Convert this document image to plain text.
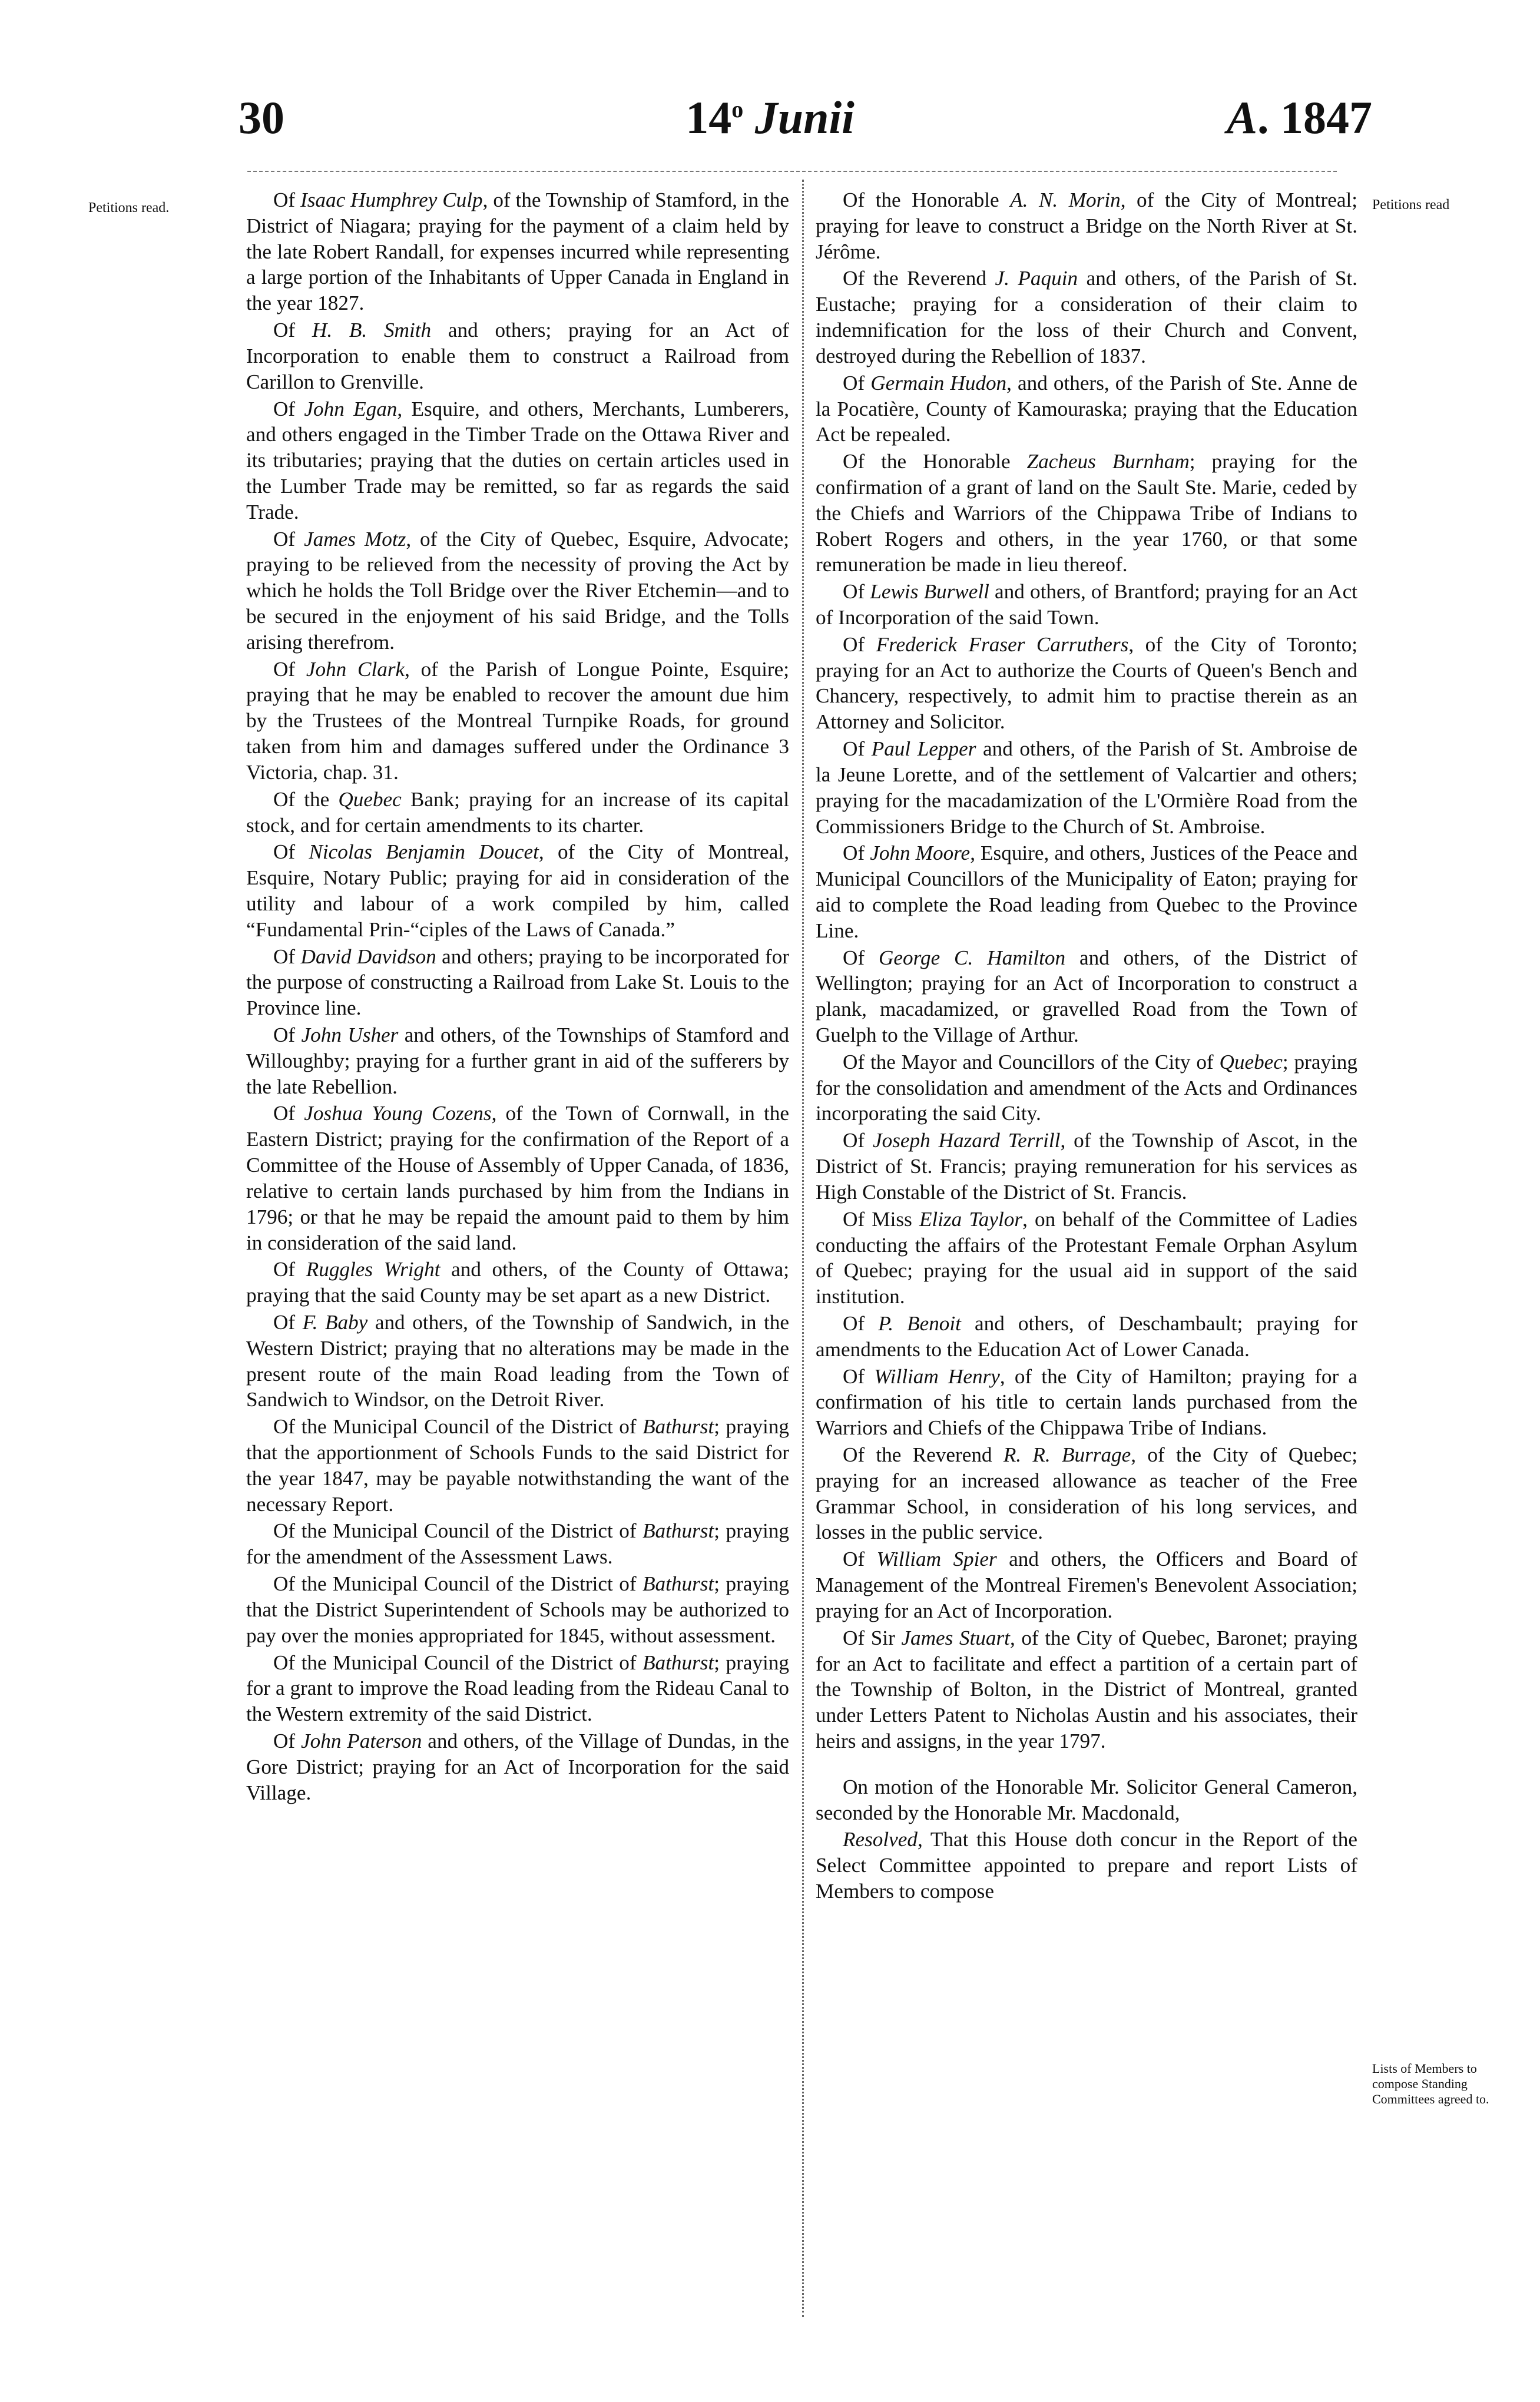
30	14$^o$ Junii	A. 1847
Petitions read.	Petitions read
Lists of Members to compose Standing Committees agreed to.

Of Isaac Humphrey Culp, of the Township of Stamford, in the District of Niagara; praying for the payment of a claim held by the late Robert Randall, for expenses incurred while representing a large portion of the Inhabitants of Upper Canada in England in the year 1827.

Of H. B. Smith and others; praying for an Act of Incorporation to enable them to construct a Railroad from Carillon to Grenville.

Of John Egan, Esquire, and others, Merchants, Lumberers, and others engaged in the Timber Trade on the Ottawa River and its tributaries; praying that the duties on certain articles used in the Lumber Trade may be remitted, so far as regards the said Trade.

Of James Motz, of the City of Quebec, Esquire, Advocate; praying to be relieved from the necessity of proving the Act by which he holds the Toll Bridge over the River Etchemin—and to be secured in the enjoyment of his said Bridge, and the Tolls arising therefrom.

Of John Clark, of the Parish of Longue Pointe, Esquire; praying that he may be enabled to recover the amount due him by the Trustees of the Montreal Turnpike Roads, for ground taken from him and damages suffered under the Ordinance 3 Victoria, chap. 31.

Of the Quebec Bank; praying for an increase of its capital stock, and for certain amendments to its charter.

Of Nicolas Benjamin Doucet, of the City of Montreal, Esquire, Notary Public; praying for aid in consideration of the utility and labour of a work compiled by him, called “Fundamental Prin-“ciples of the Laws of Canada.”

Of David Davidson and others; praying to be incorporated for the purpose of constructing a Railroad from Lake St. Louis to the Province line.

Of John Usher and others, of the Townships of Stamford and Willoughby; praying for a further grant in aid of the sufferers by the late Rebellion.

Of Joshua Young Cozens, of the Town of Cornwall, in the Eastern District; praying for the confirmation of the Report of a Committee of the House of Assembly of Upper Canada, of 1836, relative to certain lands purchased by him from the Indians in 1796; or that he may be repaid the amount paid to them by him in consideration of the said land.

Of Ruggles Wright and others, of the County of Ottawa; praying that the said County may be set apart as a new District.

Of F. Baby and others, of the Township of Sandwich, in the Western District; praying that no alterations may be made in the present route of the main Road leading from the Town of Sandwich to Windsor, on the Detroit River.

Of the Municipal Council of the District of Bathurst; praying that the apportionment of Schools Funds to the said District for the year 1847, may be payable notwithstanding the want of the necessary Report.

Of the Municipal Council of the District of Bathurst; praying for the amendment of the Assessment Laws.

Of the Municipal Council of the District of Bathurst; praying that the District Superintendent of Schools may be authorized to pay over the monies appropriated for 1845, without assessment.

Of the Municipal Council of the District of Bathurst; praying for a grant to improve the Road leading from the Rideau Canal to the Western extremity of the said District.

Of John Paterson and others, of the Village of Dundas, in the Gore District; praying for an Act of Incorporation for the said Village.

Of the Honorable A. N. Morin, of the City of Montreal; praying for leave to construct a Bridge on the North River at St. Jérôme.

Of the Reverend J. Paquin and others, of the Parish of St. Eustache; praying for a consideration of their claim to indemnification for the loss of their Church and Convent, destroyed during the Rebellion of 1837.

Of Germain Hudon, and others, of the Parish of Ste. Anne de la Pocatière, County of Kamouraska; praying that the Education Act be repealed.

Of the Honorable Zacheus Burnham; praying for the confirmation of a grant of land on the Sault Ste. Marie, ceded by the Chiefs and Warriors of the Chippawa Tribe of Indians to Robert Rogers and others, in the year 1760, or that some remuneration be made in lieu thereof.

Of Lewis Burwell and others, of Brantford; praying for an Act of Incorporation of the said Town.

Of Frederick Fraser Carruthers, of the City of Toronto; praying for an Act to authorize the Courts of Queen's Bench and Chancery, respectively, to admit him to practise therein as an Attorney and Solicitor.

Of Paul Lepper and others, of the Parish of St. Ambroise de la Jeune Lorette, and of the settlement of Valcartier and others; praying for the macadamization of the L'Ormière Road from the Commissioners Bridge to the Church of St. Ambroise.

Of John Moore, Esquire, and others, Justices of the Peace and Municipal Councillors of the Municipality of Eaton; praying for aid to complete the Road leading from Quebec to the Province Line.

Of George C. Hamilton and others, of the District of Wellington; praying for an Act of Incorporation to construct a plank, macadamized, or gravelled Road from the Town of Guelph to the Village of Arthur.

Of the Mayor and Councillors of the City of Quebec; praying for the consolidation and amendment of the Acts and Ordinances incorporating the said City.

Of Joseph Hazard Terrill, of the Township of Ascot, in the District of St. Francis; praying remuneration for his services as High Constable of the District of St. Francis.

Of Miss Eliza Taylor, on behalf of the Committee of Ladies conducting the affairs of the Protestant Female Orphan Asylum of Quebec; praying for the usual aid in support of the said institution.

Of P. Benoit and others, of Deschambault; praying for amendments to the Education Act of Lower Canada.

Of William Henry, of the City of Hamilton; praying for a confirmation of his title to certain lands purchased from the Warriors and Chiefs of the Chippawa Tribe of Indians.

Of the Reverend R. R. Burrage, of the City of Quebec; praying for an increased allowance as teacher of the Free Grammar School, in consideration of his long services, and losses in the public service.

Of William Spier and others, the Officers and Board of Management of the Montreal Firemen's Benevolent Association; praying for an Act of Incorporation.

Of Sir James Stuart, of the City of Quebec, Baronet; praying for an Act to facilitate and effect a partition of a certain part of the Township of Bolton, in the District of Montreal, granted under Letters Patent to Nicholas Austin and his associates, their heirs and assigns, in the year 1797.

On motion of the Honorable Mr. Solicitor General Cameron, seconded by the Honorable Mr. Macdonald,

Resolved, That this House doth concur in the Report of the Select Committee appointed to prepare and report Lists of Members to compose
